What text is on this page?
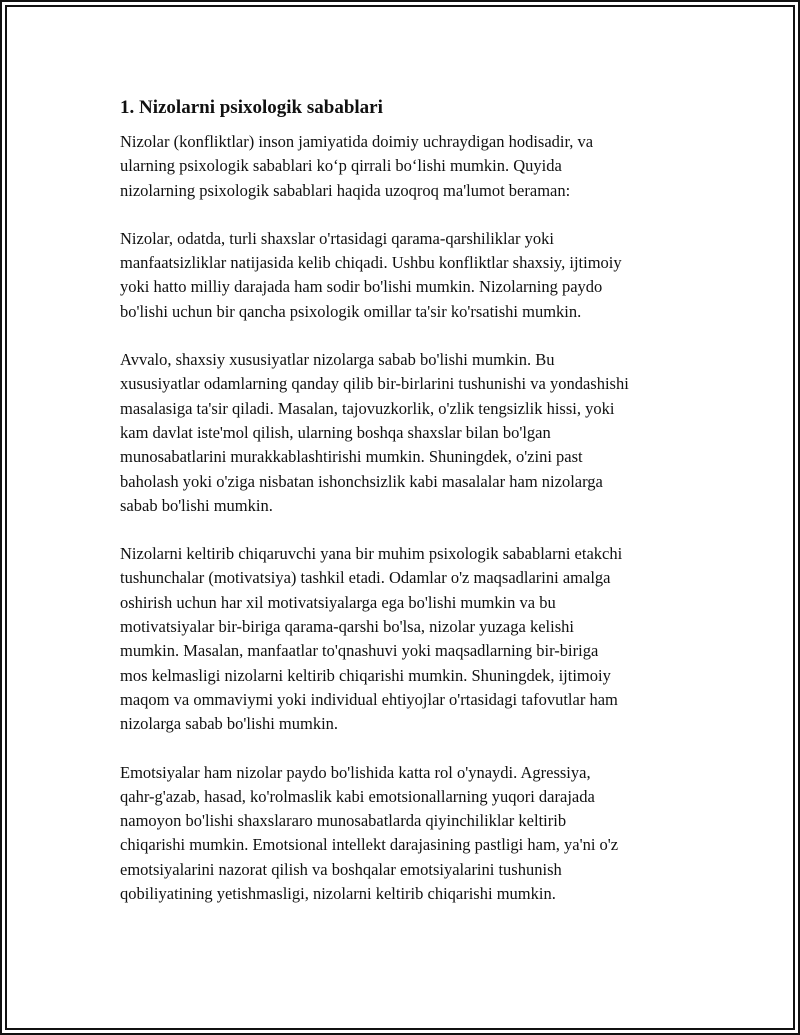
1. Nizolarni psixologik sabablari

Nizolar (konfliktlar) inson jamiyatida doimiy uchraydigan hodisadir, va
ularning psixologik sabablari ko‘p qirrali bo‘lishi mumkin. Quyida
nizolarning psixologik sabablari haqida uzoqroq ma'lumot beraman:

Nizolar, odatda, turli shaxslar o'rtasidagi qarama-qarshiliklar yoki
manfaatsizliklar natijasida kelib chiqadi. Ushbu konfliktlar shaxsiy, ijtimoiy
yoki hatto milliy darajada ham sodir bo'lishi mumkin. Nizolarning paydo
bo'lishi uchun bir qancha psixologik omillar ta'sir ko'rsatishi mumkin.

Avvalo, shaxsiy xususiyatlar nizolarga sabab bo'lishi mumkin. Bu
xususiyatlar odamlarning qanday qilib bir-birlarini tushunishi va yondashishi
masalasiga ta'sir qiladi. Masalan, tajovuzkorlik, o'zlik tengsizlik hissi, yoki
kam davlat iste'mol qilish, ularning boshqa shaxslar bilan bo'lgan
munosabatlarini murakkablashtirishi mumkin. Shuningdek, o'zini past
baholash yoki o'ziga nisbatan ishonchsizlik kabi masalalar ham nizolarga
sabab bo'lishi mumkin.

Nizolarni keltirib chiqaruvchi yana bir muhim psixologik sabablarni etakchi
tushunchalar (motivatsiya) tashkil etadi. Odamlar o'z maqsadlarini amalga
oshirish uchun har xil motivatsiyalarga ega bo'lishi mumkin va bu
motivatsiyalar bir-biriga qarama-qarshi bo'lsa, nizolar yuzaga kelishi
mumkin. Masalan, manfaatlar to'qnashuvi yoki maqsadlarning bir-biriga
mos kelmasligi nizolarni keltirib chiqarishi mumkin. Shuningdek, ijtimoiy
maqom va ommaviymi yoki individual ehtiyojlar o'rtasidagi tafovutlar ham
nizolarga sabab bo'lishi mumkin.

Emotsiyalar ham nizolar paydo bo'lishida katta rol o'ynaydi. Agressiya,
qahr-g'azab, hasad, ko'rolmaslik kabi emotsionallarning yuqori darajada
namoyon bo'lishi shaxslararo munosabatlarda qiyinchiliklar keltirib
chiqarishi mumkin. Emotsional intellekt darajasining pastligi ham, ya'ni o'z
emotsiyalarini nazorat qilish va boshqalar emotsiyalarini tushunish
qobiliyatining yetishmasligi, nizolarni keltirib chiqarishi mumkin.
